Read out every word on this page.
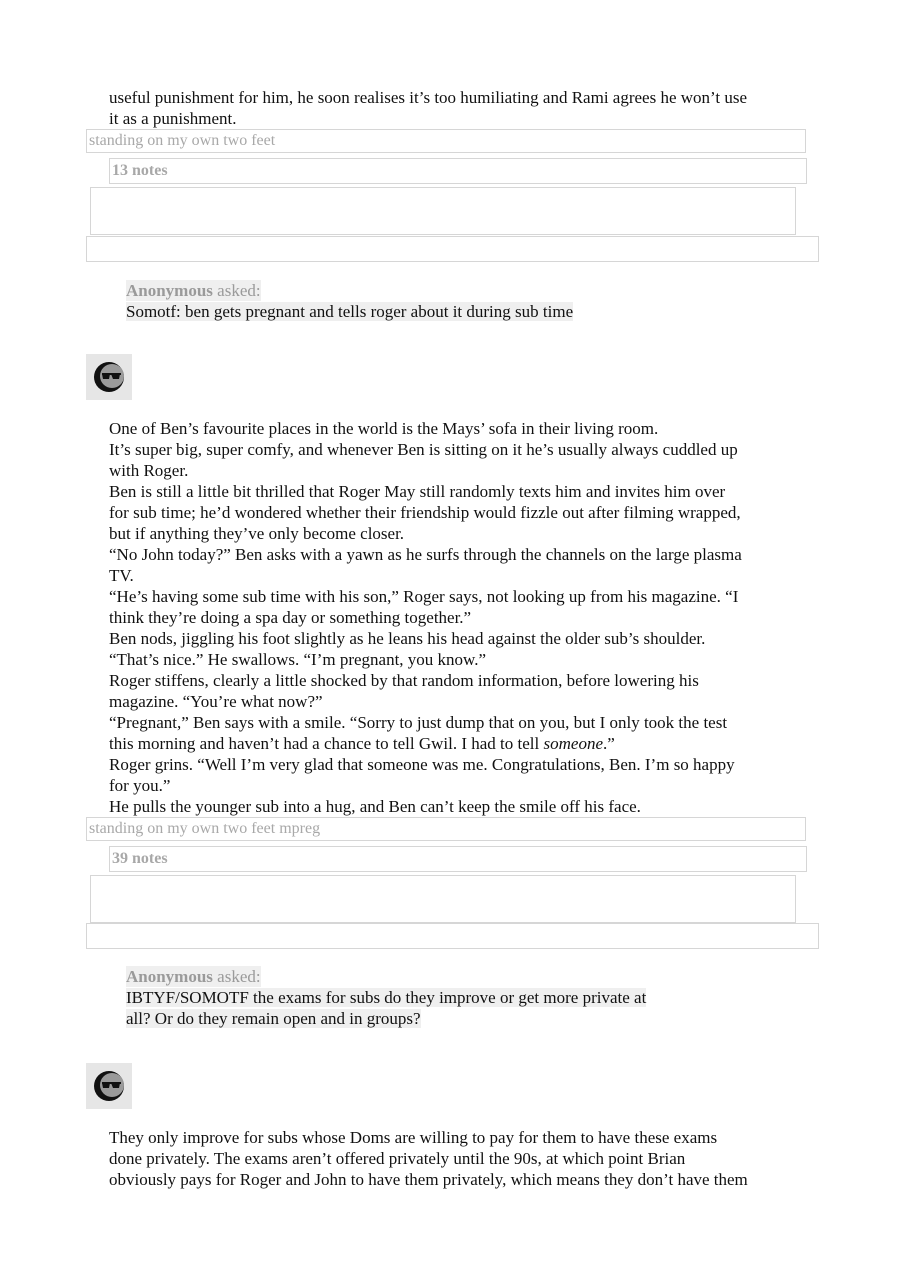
useful punishment for him, he soon realises it’s too humiliating and Rami agrees he won’t use

it as a punishment.

standing on my own two feet
13 notes
Anonymous asked:
Somotf: ben gets pregnant and tells roger about it during sub time

One of Ben’s favourite places in the world is the Mays’ sofa in their living room.

It’s super big, super comfy, and whenever Ben is sitting on it he’s usually always cuddled up

with Roger.

Ben is still a little bit thrilled that Roger May still randomly texts him and invites him over

for sub time; he’d wondered whether their friendship would fizzle out after filming wrapped,

but if anything they’ve only become closer.

“No John today?” Ben asks with a yawn as he surfs through the channels on the large plasma

TV.

“He’s having some sub time with his son,” Roger says, not looking up from his magazine. “I

think they’re doing a spa day or something together.”

Ben nods, jiggling his foot slightly as he leans his head against the older sub’s shoulder.

“That’s nice.” He swallows. “I’m pregnant, you know.”

Roger stiffens, clearly a little shocked by that random information, before lowering his

magazine. “You’re what now?”

“Pregnant,” Ben says with a smile. “Sorry to just dump that on you, but I only took the test

this morning and haven’t had a chance to tell Gwil. I had to tell someone.”

Roger grins. “Well I’m very glad that someone was me. Congratulations, Ben. I’m so happy

for you.”

He pulls the younger sub into a hug, and Ben can’t keep the smile off his face.

standing on my own two feet mpreg
39 notes
Anonymous asked:
IBTYF/SOMOTF the exams for subs do they improve or get more private at
all? Or do they remain open and in groups?

They only improve for subs whose Doms are willing to pay for them to have these exams

done privately. The exams aren’t offered privately until the 90s, at which point Brian

obviously pays for Roger and John to have them privately, which means they don’t have them
